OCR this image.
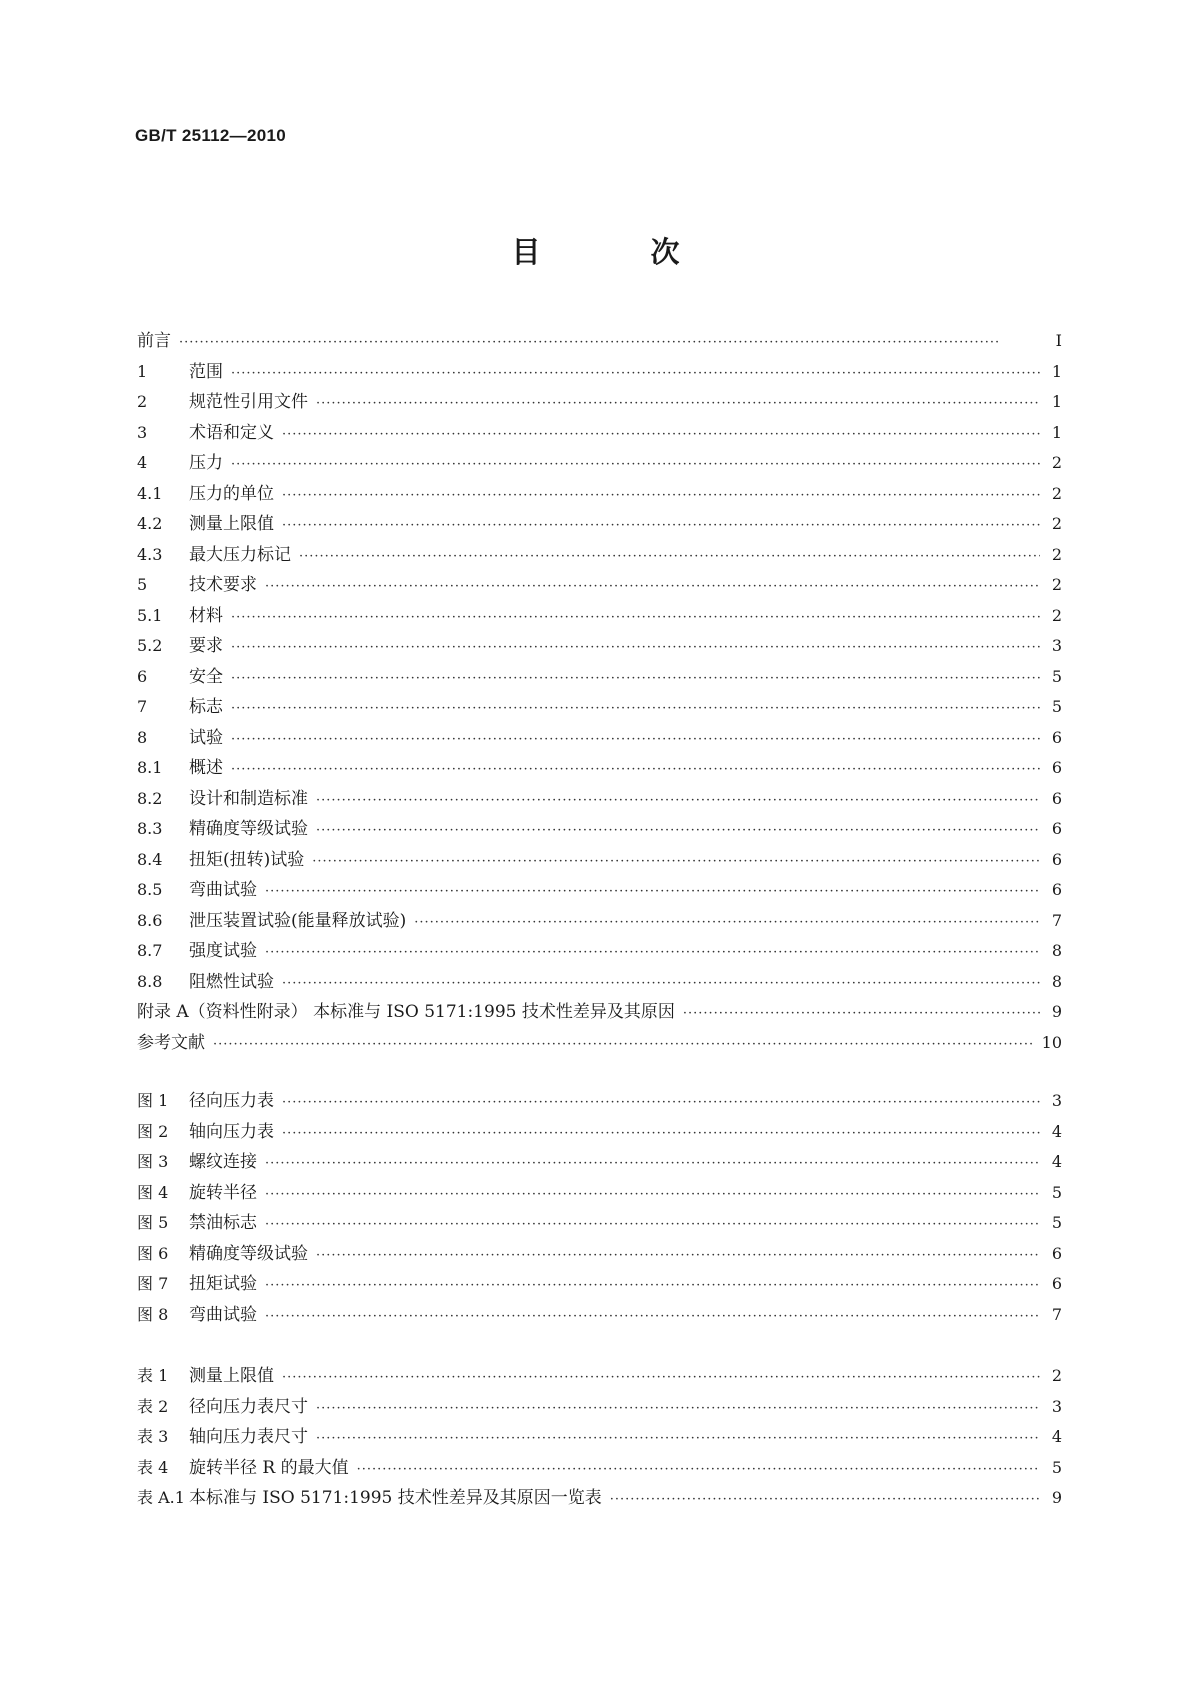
GB/T 25112—2010
目 次
前言 ·····	Ⅰ
1	范围 ·····	1
2	规范性引用文件 ·····	1
3	术语和定义 ·····	1
4	压力 ·····	2
4.1	压力的单位 ·····	2
4.2	测量上限值 ·····	2
4.3	最大压力标记 ·····	2
5	技术要求 ·····	2
5.1	材料 ·····	2
5.2	要求 ·····	3
6	安全 ·····	5
7	标志 ·····	5
8	试验 ·····	6
8.1	概述 ·····	6
8.2	设计和制造标准 ·····	6
8.3	精确度等级试验 ·····	6
8.4	扭矩(扭转)试验 ·····	6
8.5	弯曲试验 ·····	6
8.6	泄压装置试验(能量释放试验) ·····	7
8.7	强度试验 ·····	8
8.8	阻燃性试验 ·····	8
附录 A（资料性附录） 本标准与 ISO 5171:1995 技术性差异及其原因 ·····	9
参考文献 ·····	10
图 1	径向压力表 ·····	3
图 2	轴向压力表 ·····	4
图 3	螺纹连接 ·····	4
图 4	旋转半径 ·····	5
图 5	禁油标志 ·····	5
图 6	精确度等级试验 ·····	6
图 7	扭矩试验 ·····	6
图 8	弯曲试验 ·····	7
表 1	测量上限值 ·····	2
表 2	径向压力表尺寸 ·····	3
表 3	轴向压力表尺寸 ·····	4
表 4	旋转半径 R 的最大值 ·····	5
表 A.1 本标准与 ISO 5171:1995 技术性差异及其原因一览表 ·····	9
